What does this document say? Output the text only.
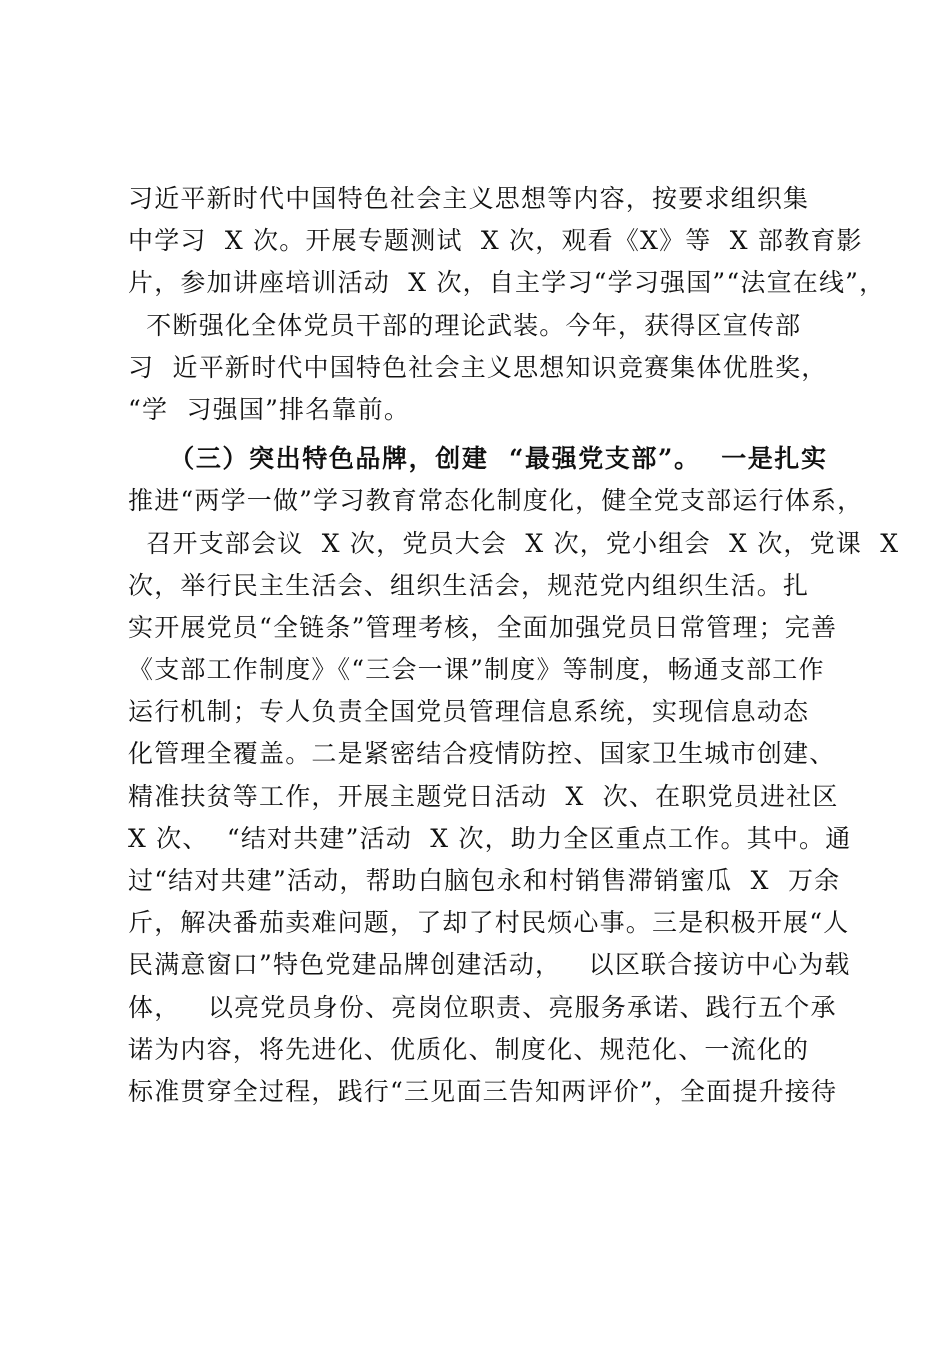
习近平新时代中国特色社会主义思想等内容，按要求组织集
中学习  X 次。开展专题测试  X 次，观看《X》等  X 部教育影
片，参加讲座培训活动  X 次，自主学习“学习强国”“法宣在线”，
不断强化全体党员干部的理论武装。今年，获得区宣传部
习  近平新时代中国特色社会主义思想知识竞赛集体优胜奖，
“学  习强国”排名靠前。
（三）突出特色品牌，创建  “最强党支部”。  一是扎实
推进“两学一做”学习教育常态化制度化，健全党支部运行体系，
召开支部会议  X 次，党员大会  X 次，党小组会  X 次，党课  X
次，举行民主生活会、组织生活会，规范党内组织生活。扎
实开展党员“全链条”管理考核，全面加强党员日常管理；完善
《支部工作制度》《“三会一课”制度》等制度，畅通支部工作
运行机制；专人负责全国党员管理信息系统，实现信息动态
化管理全覆盖。二是紧密结合疫情防控、国家卫生城市创建、
精准扶贫等工作，开展主题党日活动  X  次、在职党员进社区
X 次、  “结对共建”活动  X 次，助力全区重点工作。其中。通
过“结对共建”活动，帮助白脑包永和村销售滞销蜜瓜  X  万余
斤，解决番茄卖难问题，了却了村民烦心事。三是积极开展“人
民满意窗口”特色党建品牌创建活动，   以区联合接访中心为载
体，   以亮党员身份、亮岗位职责、亮服务承诺、践行五个承
诺为内容，将先进化、优质化、制度化、规范化、一流化的
标准贯穿全过程，践行“三见面三告知两评价”，全面提升接待
